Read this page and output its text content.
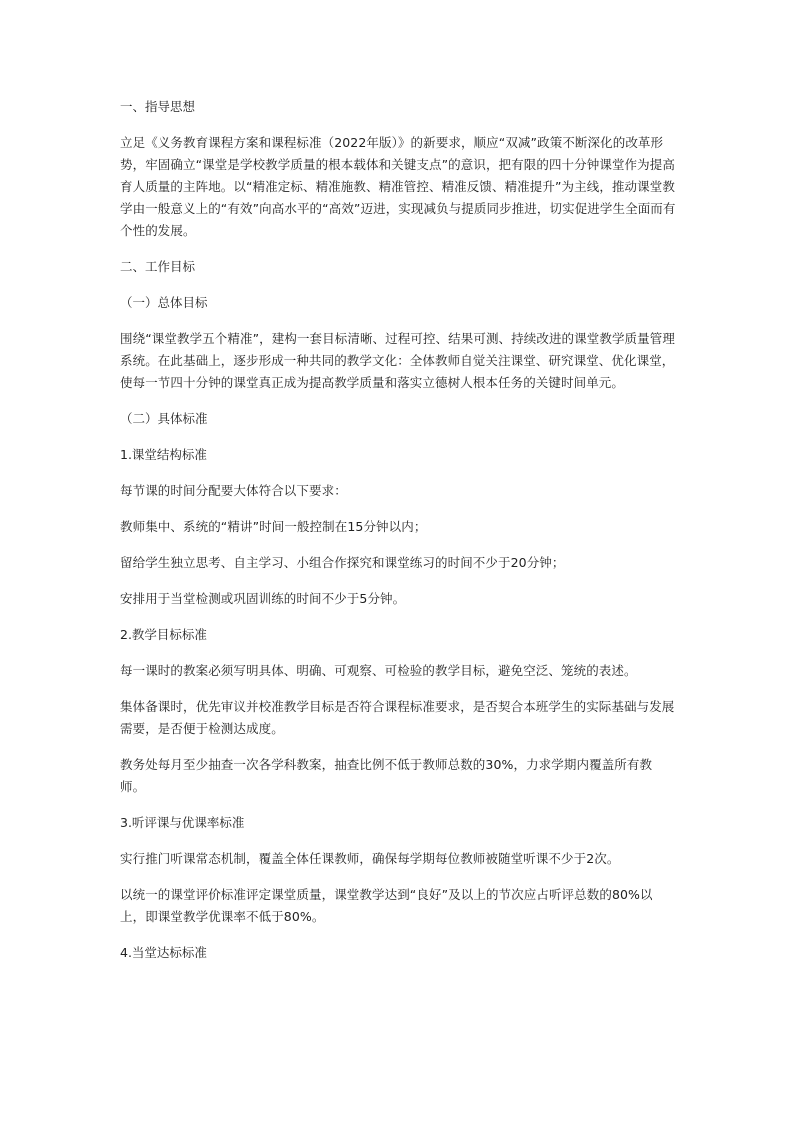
一、指导思想
立足《义务教育课程方案和课程标准（2022年版）》的新要求，顺应“双减”政策不断深化的改革形势，牢固确立“课堂是学校教学质量的根本载体和关键支点”的意识，把有限的四十分钟课堂作为提高育人质量的主阵地。以“精准定标、精准施教、精准管控、精准反馈、精准提升”为主线，推动课堂教学由一般意义上的“有效”向高水平的“高效”迈进，实现减负与提质同步推进，切实促进学生全面而有个性的发展。
二、工作目标
（一）总体目标
围绕“课堂教学五个精准”，建构一套目标清晰、过程可控、结果可测、持续改进的课堂教学质量管理系统。在此基础上，逐步形成一种共同的教学文化：全体教师自觉关注课堂、研究课堂、优化课堂，使每一节四十分钟的课堂真正成为提高教学质量和落实立德树人根本任务的关键时间单元。
（二）具体标准
1.课堂结构标准
每节课的时间分配要大体符合以下要求：
教师集中、系统的“精讲”时间一般控制在15分钟以内；
留给学生独立思考、自主学习、小组合作探究和课堂练习的时间不少于20分钟；
安排用于当堂检测或巩固训练的时间不少于5分钟。
2.教学目标标准
每一课时的教案必须写明具体、明确、可观察、可检验的教学目标，避免空泛、笼统的表述。
集体备课时，优先审议并校准教学目标是否符合课程标准要求，是否契合本班学生的实际基础与发展需要，是否便于检测达成度。
教务处每月至少抽查一次各学科教案，抽查比例不低于教师总数的30%，力求学期内覆盖所有教师。
3.听评课与优课率标准
实行推门听课常态机制，覆盖全体任课教师，确保每学期每位教师被随堂听课不少于2次。
以统一的课堂评价标准评定课堂质量，课堂教学达到“良好”及以上的节次应占听评总数的80%以上，即课堂教学优课率不低于80%。
4.当堂达标标准
